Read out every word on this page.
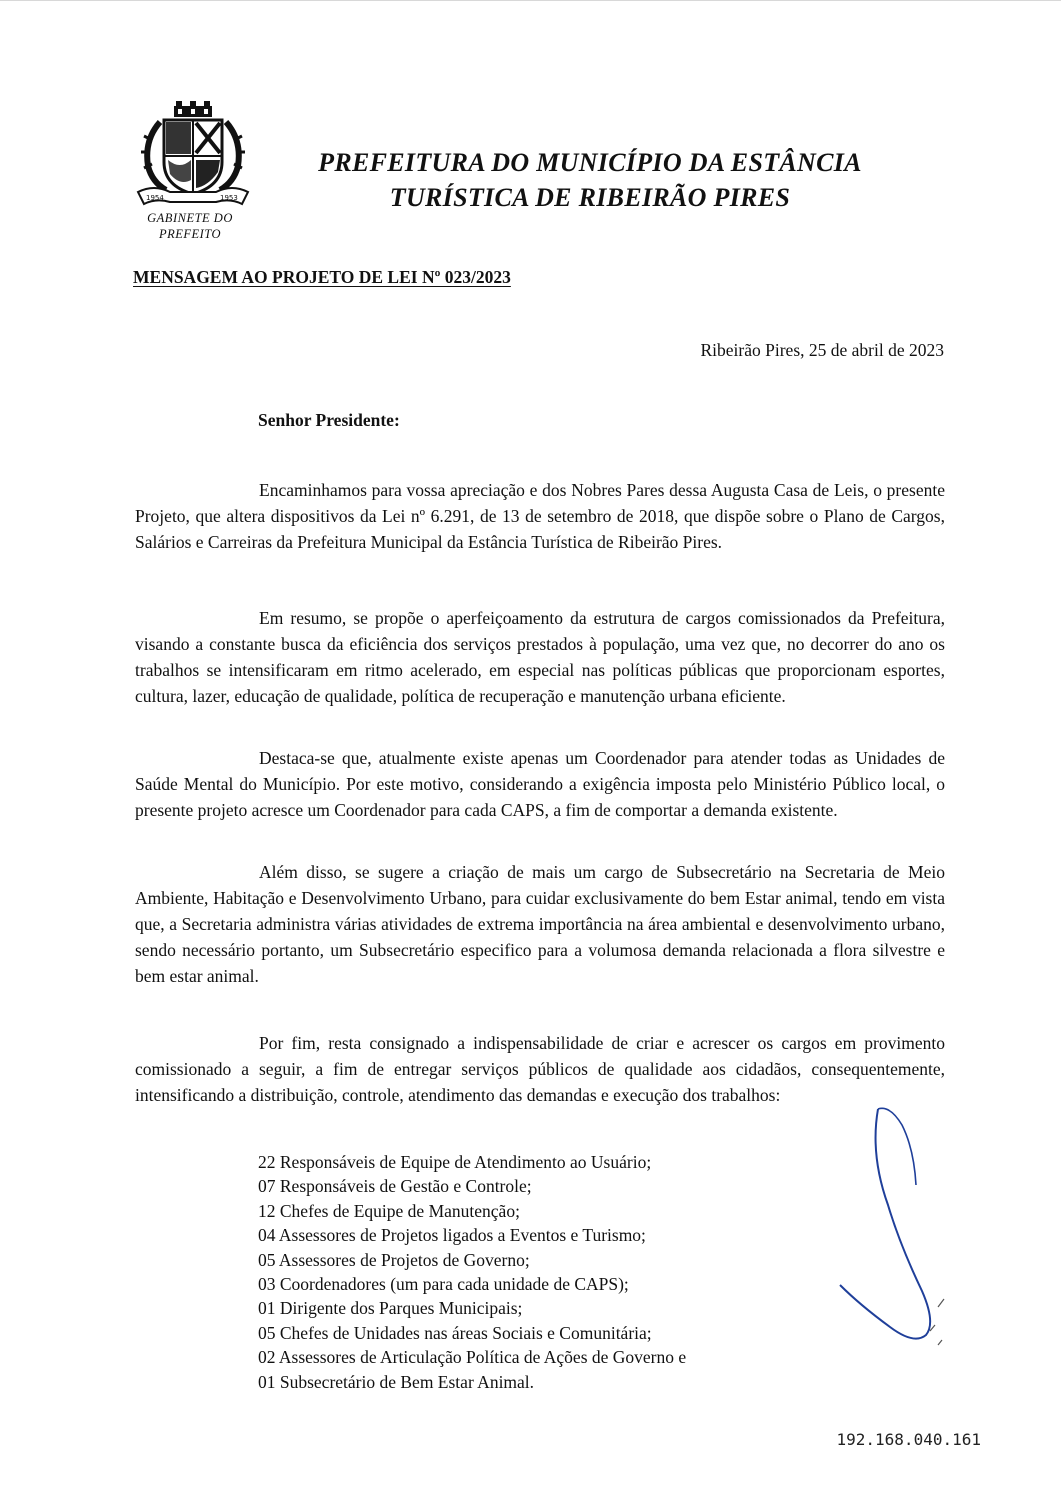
1954	1953
GABINETE DO
PREFEITO
PREFEITURA DO MUNICÍPIO DA ESTÂNCIA
TURÍSTICA DE RIBEIRÃO PIRES
MENSAGEM AO PROJETO DE LEI Nº 023/2023
Ribeirão Pires, 25 de abril de 2023
Senhor Presidente:

Encaminhamos para vossa apreciação e dos Nobres Pares dessa Augusta Casa de Leis, o presente Projeto, que altera dispositivos da Lei nº 6.291, de 13 de setembro de 2018, que dispõe sobre o Plano de Cargos, Salários e Carreiras da Prefeitura Municipal da Estância Turística de Ribeirão Pires.

Em resumo, se propõe o aperfeiçoamento da estrutura de cargos comissionados da Prefeitura, visando a constante busca da eficiência dos serviços prestados à população, uma vez que, no decorrer do ano os trabalhos se intensificaram em ritmo acelerado, em especial nas políticas públicas que proporcionam esportes, cultura, lazer, educação de qualidade, política de recuperação e manutenção urbana eficiente.

Destaca-se que, atualmente existe apenas um Coordenador para atender todas as Unidades de Saúde Mental do Município. Por este motivo, considerando a exigência imposta pelo Ministério Público local, o presente projeto acresce um Coordenador para cada CAPS, a fim de comportar a demanda existente.

Além disso, se sugere a criação de mais um cargo de Subsecretário na Secretaria de Meio Ambiente, Habitação e Desenvolvimento Urbano, para cuidar exclusivamente do bem Estar animal, tendo em vista que, a Secretaria administra várias atividades de extrema importância na área ambiental e desenvolvimento urbano, sendo necessário portanto, um Subsecretário especifico para a volumosa demanda relacionada a flora silvestre e bem estar animal.

Por fim, resta consignado a indispensabilidade de criar e acrescer os cargos em provimento comissionado a seguir, a fim de entregar serviços públicos de qualidade aos cidadãos, consequentemente, intensificando a distribuição, controle, atendimento das demandas e execução dos trabalhos:

22 Responsáveis de Equipe de Atendimento ao Usuário;
07 Responsáveis de Gestão e Controle;
12 Chefes de Equipe de Manutenção;
04 Assessores de Projetos ligados a Eventos e Turismo;
05 Assessores de Projetos de Governo;
03 Coordenadores (um para cada unidade de CAPS);
01 Dirigente dos Parques Municipais;
05 Chefes de Unidades nas áreas Sociais e Comunitária;
02 Assessores de Articulação Política de Ações de Governo e
01 Subsecretário de Bem Estar Animal.
192.168.040.161
